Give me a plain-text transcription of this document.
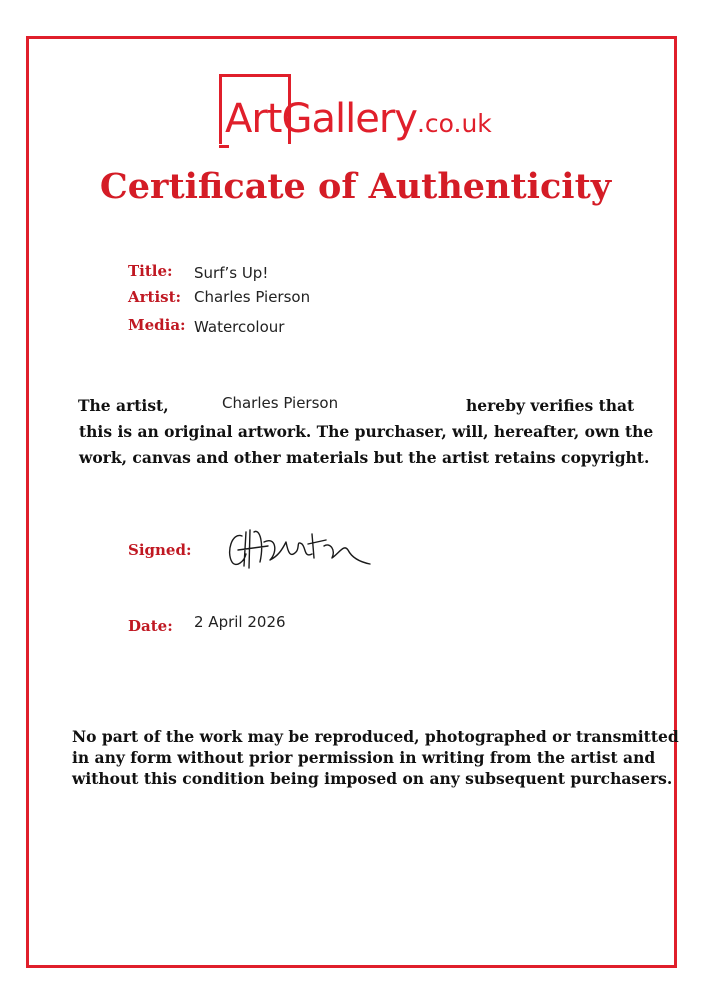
ArtGallery.co.uk
Certificate of Authenticity
Title: Surf’s Up!
Artist: Charles Pierson
Media: Watercolour
The artist,	Charles Pierson	hereby verifies that
this is an original artwork. The purchaser, will, hereafter, own the
work, canvas and other materials but the artist retains copyright.
Signed:
Date: 2 April 2026
No part of the work may be reproduced, photographed or transmitted
in any form without prior permission in writing from the artist and
without this condition being imposed on any subsequent purchasers.
